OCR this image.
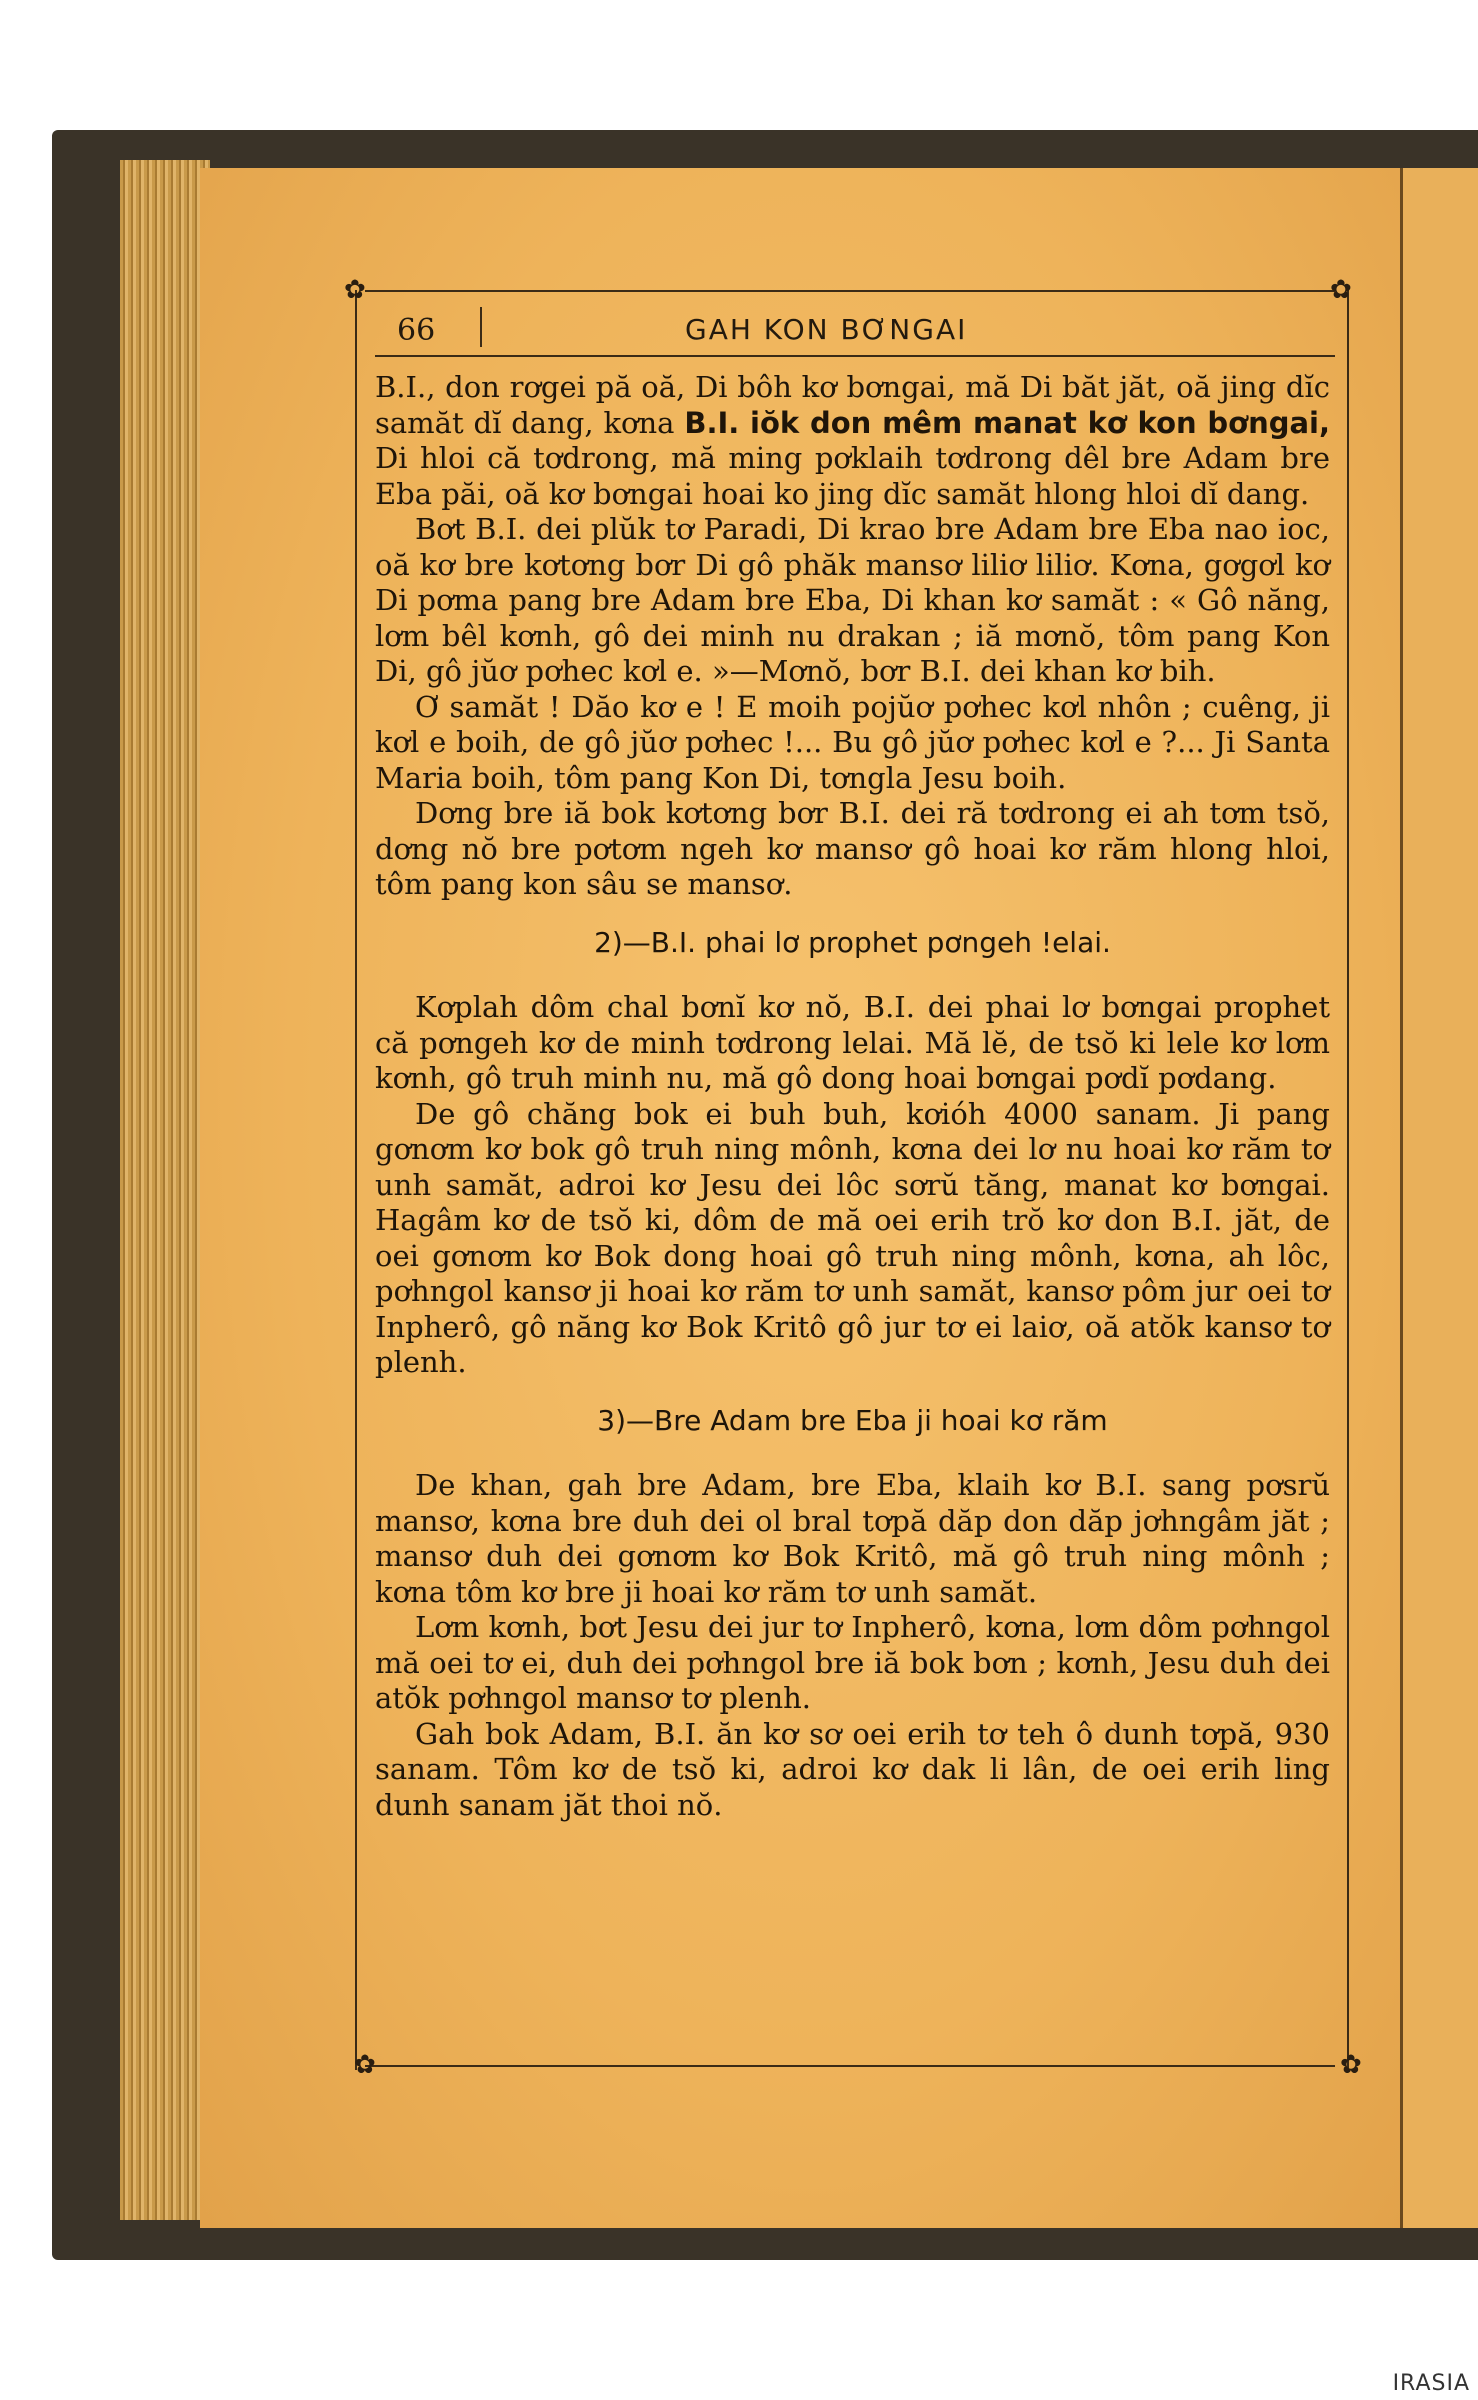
✿	✿
✿	✿
66	GAH KON BƠNGAI

B.I., don rơgei pă oă, Di bôh kơ bơngai, mă Di băt jăt, oă jing dĭc samăt dĭ dang, kơna B.I. iŏk don mêm manat kơ kon bơngai, Di hloi că tơdrong, mă ming pơklaih tơdrong dêl bre Adam bre Eba păi, oă kơ bơngai hoai ko jing dĭc samăt hlong hloi dĭ dang.

Bơt B.I. dei plŭk tơ Paradi, Di krao bre Adam bre Eba nao ioc, oă kơ bre kơtơng bơr Di gô phăk mansơ liliơ liliơ. Kơna, gơgơl kơ Di pơma pang bre Adam bre Eba, Di khan kơ samăt : « Gô năng, lơm bêl kơnh, gô dei minh nu drakan ; iă mơnŏ, tôm pang Kon Di, gô jŭơ pơhec kơl e. »—Mơnŏ, bơr B.I. dei khan kơ bih.

Ơ samăt ! Dăo kơ e ! E moih pojŭơ pơhec kơl nhôn ; cuêng, ji kơl e boih, de gô jŭơ pơhec !... Bu gô jŭơ pơhec kơl e ?... Ji Santa Maria boih, tôm pang Kon Di, tơngla Jesu boih.

Dơng bre iă bok kơtơng bơr B.I. dei ră tơdrong ei ah tơm tsŏ, dơng nŏ bre pơtơm ngeh kơ mansơ gô hoai kơ răm hlong hloi, tôm pang kon sâu se mansơ.

2)—B.I. phai lơ prophet pơngeh !elai.

Kơplah dôm chal bơnĭ kơ nŏ, B.I. dei phai lơ bơngai prophet că pơngeh kơ de minh tơdrong lelai. Mă lĕ, de tsŏ ki lele kơ lơm kơnh, gô truh minh nu, mă gô dong hoai bơngai pơdĭ pơdang.

De gô chăng bok ei buh buh, kơióh 4000 sanam. Ji pang gơnơm kơ bok gô truh ning mônh, kơna dei lơ nu hoai kơ răm tơ unh samăt, adroi kơ Jesu dei lôc sơrŭ tăng, manat kơ bơngai. Hagâm kơ de tsŏ ki, dôm de mă oei erih trŏ kơ don B.I. jăt, de oei gơnơm kơ Bok dong hoai gô truh ning mônh, kơna, ah lôc, pơhngol kansơ ji hoai kơ răm tơ unh samăt, kansơ pôm jur oei tơ Inpherô, gô năng kơ Bok Kritô gô jur tơ ei laiơ, oă atŏk kansơ tơ plenh.

3)—Bre Adam bre Eba ji hoai kơ răm

De khan, gah bre Adam, bre Eba, klaih kơ B.I. sang pơsrŭ mansơ, kơna bre duh dei ol bral tơpă dăp don dăp jơhngâm jăt ; mansơ duh dei gơnơm kơ Bok Kritô, mă gô truh ning mônh ; kơna tôm kơ bre ji hoai kơ răm tơ unh samăt.

Lơm kơnh, bơt Jesu dei jur tơ Inpherô, kơna, lơm dôm pơhngol mă oei tơ ei, duh dei pơhngol bre iă bok bơn ; kơnh, Jesu duh dei atŏk pơhngol mansơ tơ plenh.

Gah bok Adam, B.I. ăn kơ sơ oei erih tơ teh ô dunh tơpă, 930 sanam. Tôm kơ de tsŏ ki, adroi kơ dak li lân, de oei erih ling dunh sanam jăt thoi nŏ.

IRASIA
